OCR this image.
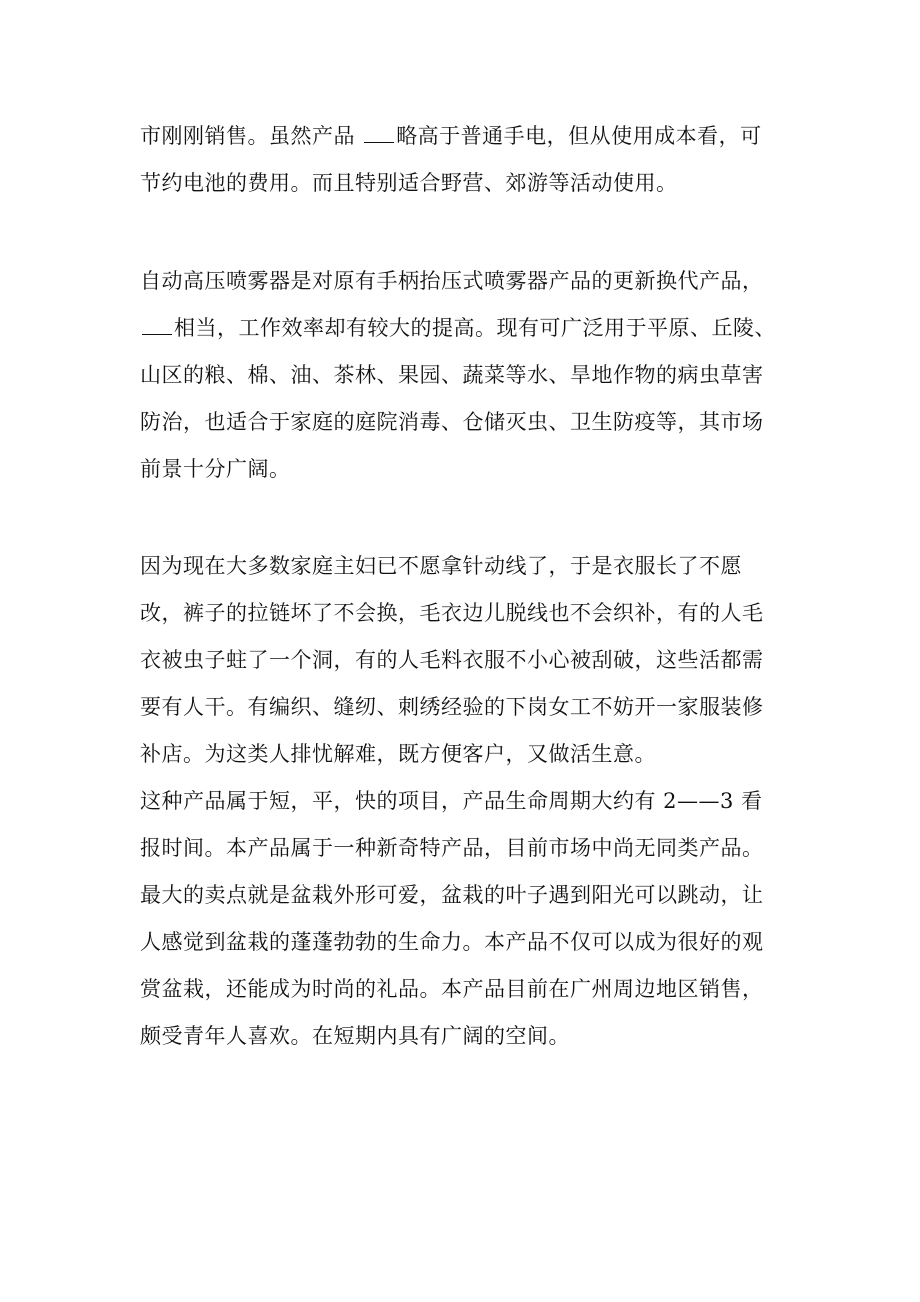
市刚刚销售。虽然产品 略高于普通手电，但从使用成本看，可
节约电池的费用。而且特别适合野营、郊游等活动使用。
自动高压喷雾器是对原有手柄抬压式喷雾器产品的更新换代产品，
相当，工作效率却有较大的提高。现有可广泛用于平原、丘陵、
山区的粮、棉、油、茶林、果园、蔬菜等水、旱地作物的病虫草害
防治，也适合于家庭的庭院消毒、仓储灭虫、卫生防疫等，其市场
前景十分广阔。
因为现在大多数家庭主妇已不愿拿针动线了，于是衣服长了不愿
改，裤子的拉链坏了不会换，毛衣边儿脱线也不会织补，有的人毛
衣被虫子蛀了一个洞，有的人毛料衣服不小心被刮破，这些活都需
要有人干。有编织、缝纫、刺绣经验的下岗女工不妨开一家服装修
补店。为这类人排忧解难，既方便客户，又做活生意。
这种产品属于短，平，快的项目，产品生命周期大约有 2——3 看
报时间。本产品属于一种新奇特产品，目前市场中尚无同类产品。
最大的卖点就是盆栽外形可爱，盆栽的叶子遇到阳光可以跳动，让
人感觉到盆栽的蓬蓬勃勃的生命力。本产品不仅可以成为很好的观
赏盆栽，还能成为时尚的礼品。本产品目前在广州周边地区销售，
颇受青年人喜欢。在短期内具有广阔的空间。
